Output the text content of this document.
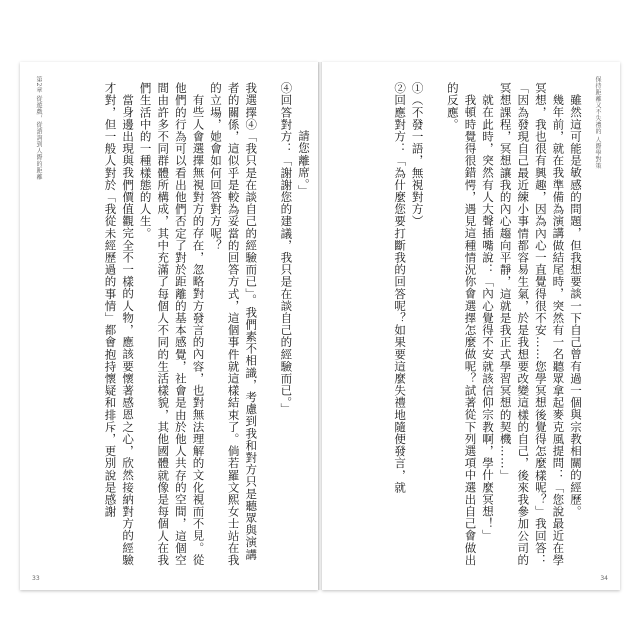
保持距離又不失禮的 人際學對策

雖然這可能是敏感的問題，但我想要談一下自己曾有過一個與宗教相關的經歷。

幾年前，就在我準備為演講做結尾時，突然有一名聽眾拿起麥克風提問：「您說最近在學冥想，我也很有興趣，因為內心一直覺得很不安……您學冥想後覺得怎麼樣呢？」我回答：「因為發現自己最近練小事情都容易生氣，於是我想要改變這樣的自己，後來我參加公司的冥想課程，冥想讓我的內心趨向平靜，這就是我正式學習冥想的契機……」

就在此時，突然有人大聲插嘴說：「內心覺得不安就該信仰宗教啊，學什麼冥想！」

我頓時覺得很錯愕，遇見這種情況你會選擇怎麼做呢？試著從下列選項中選出自己會做出的反應。

①（不發一語，無視對方）

②回應對方：「為什麼您要打斷我的回答呢？如果要這麼失禮地隨便發言，就

34
第2章 從遊戲，從諮詢到人際的距離	請您離席。」

④回答對方：「謝謝您的建議，我只是在談自己的經驗而已。」

我選擇④「我只是在談自己的經驗而已」。我們素不相識，考慮到我和對方只是聽眾與演講者的關係，這似乎是較為妥當的回答方式，這個事件就這樣結束了。倘若羅文熙女士站在我的立場，她會如何回答對方呢？

有些人會選擇無視對方的存在，忽略對方發言的內容，也對無法理解的文化視而不見。從他們的行為可以看出他們否定了對於距離的基本感覺，社會是由於他人共存的空間，這個空間由許多不同群體所構成，其中充滿了每個人不同的生活樣貌，其他國體就像是每個人在我們生活中的一種樣態的人生。

當身邊出現與我們價值觀完全不一樣的人物，應該要懷著感恩之心，欣然接納對方的經驗才對，但一般人對於「我從未經歷過的事情」都會抱持懷疑和排斥，更別說是感謝

33
